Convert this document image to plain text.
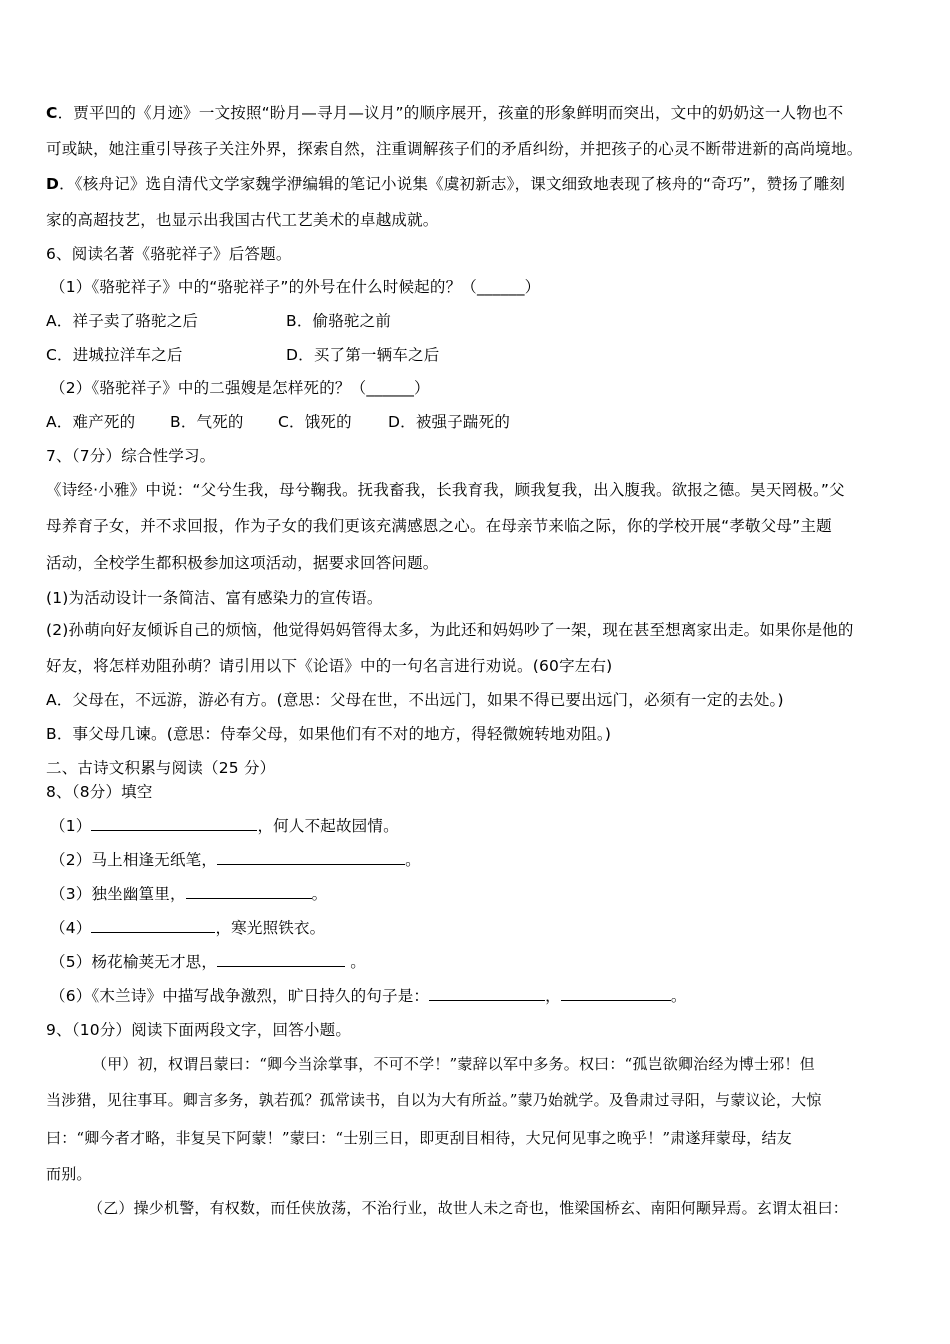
C．贾平凹的《月迹》一文按照“盼月—寻月—议月”的顺序展开，孩童的形象鲜明而突出，文中的奶奶这一人物也不
可或缺，她注重引导孩子关注外界，探索自然，注重调解孩子们的矛盾纠纷，并把孩子的心灵不断带进新的高尚境地。
D．《核舟记》选自清代文学家魏学洢编辑的笔记小说集《虞初新志》，课文细致地表现了核舟的“奇巧”，赞扬了雕刻
家的高超技艺，也显示出我国古代工艺美术的卓越成就。
6、阅读名著《骆驼祥子》后答题。
（1）《骆驼祥子》中的“骆驼祥子”的外号在什么时候起的？（______）
A．祥子卖了骆驼之后	B．偷骆驼之前
C．进城拉洋车之后	D．买了第一辆车之后
（2）《骆驼祥子》中的二强嫂是怎样死的？（______）
A．难产死的 B．气死的 C．饿死的 D．被强子踹死的
7、（7分）综合性学习。
《诗经·小雅》中说：“父兮生我，母兮鞠我。抚我畜我，长我育我，顾我复我，出入腹我。欲报之德。昊天罔极。”父
母养育子女，并不求回报，作为子女的我们更该充满感恩之心。在母亲节来临之际，你的学校开展“孝敬父母”主题
活动，全校学生都积极参加这项活动，据要求回答问题。
(1)为活动设计一条简洁、富有感染力的宣传语。
(2)孙萌向好友倾诉自己的烦恼，他觉得妈妈管得太多，为此还和妈妈吵了一架，现在甚至想离家出走。如果你是他的
好友，将怎样劝阻孙萌？请引用以下《论语》中的一句名言进行劝说。(60字左右)
A．父母在，不远游，游必有方。(意思：父母在世，不出远门，如果不得已要出远门，必须有一定的去处。)
B．事父母几谏。(意思：侍奉父母，如果他们有不对的地方，得轻微婉转地劝阻。)
二、古诗文积累与阅读（25 分）
8、（8分）填空
（1）	，何人不起故园情。
（2）马上相逢无纸笔，	。
（3）独坐幽篁里，	。
（4）	，寒光照铁衣。
（5）杨花榆荚无才思，	。
（6）《木兰诗》中描写战争激烈，旷日持久的句子是：	，	。
9、（10分）阅读下面两段文字，回答小题。
（甲）初，权谓吕蒙曰：“卿今当涂掌事，不可不学！”蒙辞以军中多务。权曰：“孤岂欲卿治经为博士邪！但
当涉猎，见往事耳。卿言多务，孰若孤？孤常读书，自以为大有所益。”蒙乃始就学。及鲁肃过寻阳，与蒙议论，大惊
曰：“卿今者才略，非复吴下阿蒙！”蒙曰：“士别三日，即更刮目相待，大兄何见事之晚乎！”肃遂拜蒙母，结友
而别。
（乙）操少机警，有权数，而任侠放荡，不治行业，故世人未之奇也，惟梁国桥玄、南阳何颙异焉。玄谓太祖曰：
